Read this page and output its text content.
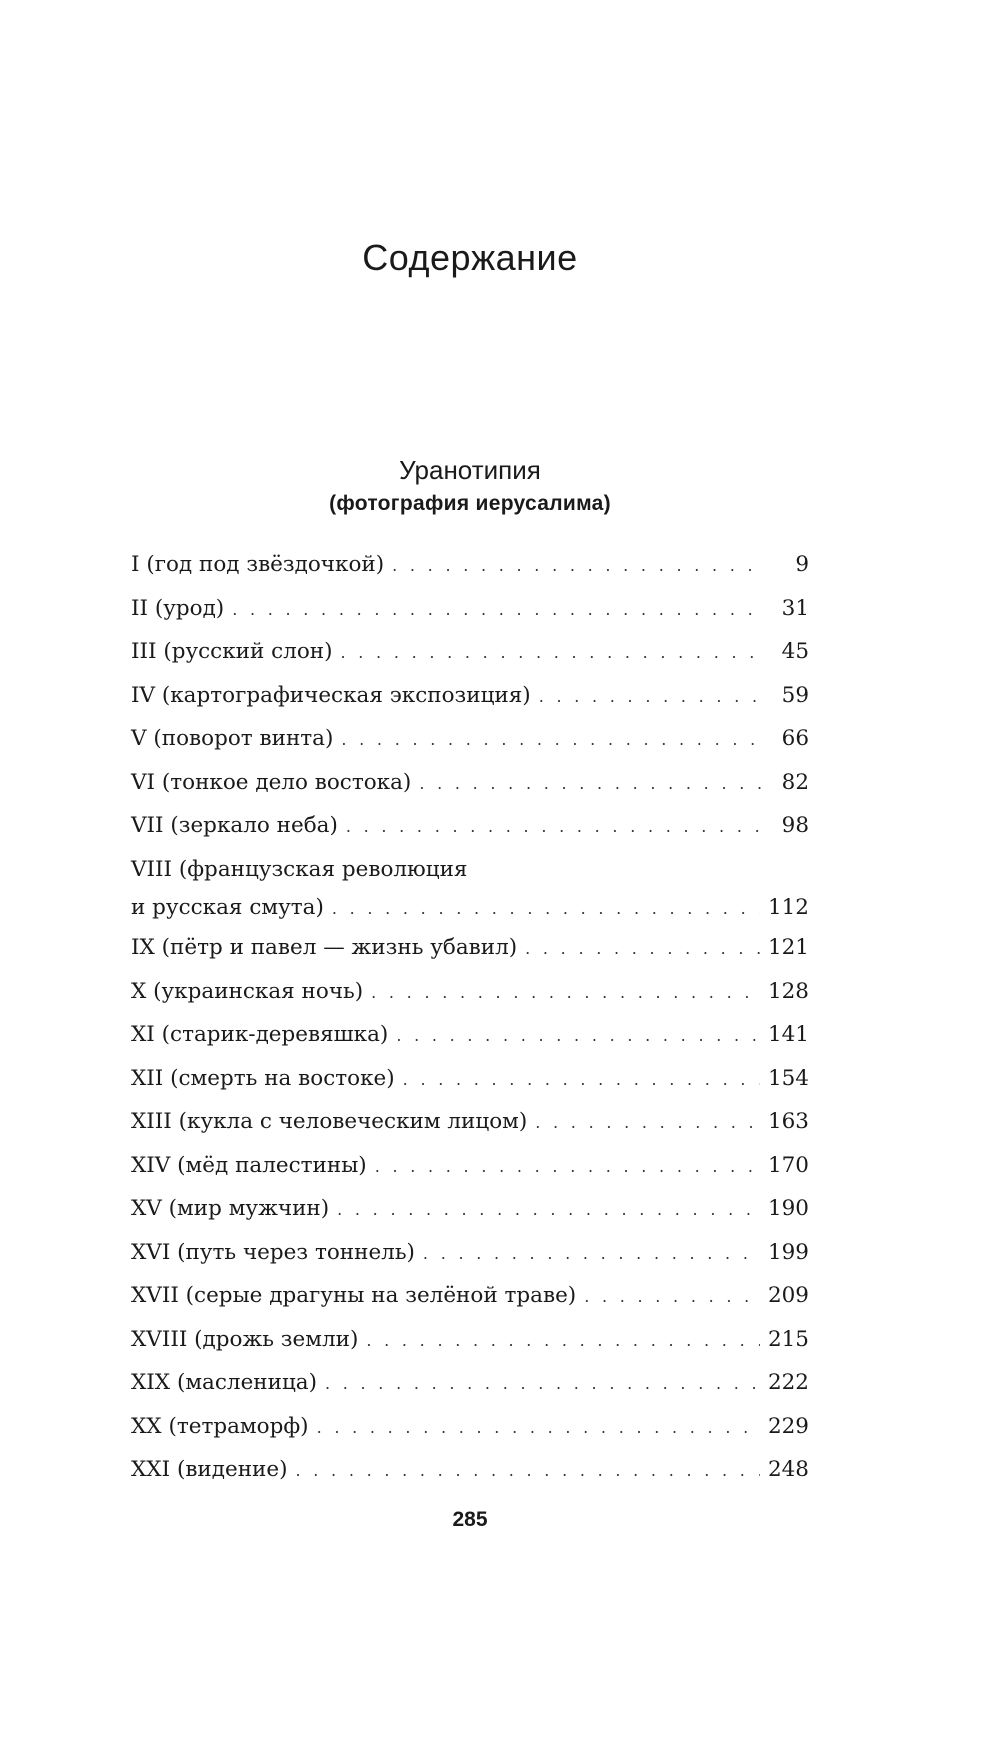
Содержание
Уранотипия
(фотография иерусалима)
I (год под звёздочкой) . . .	9
II (урод) . . .	31
III (русский слон) . . .	45
IV (картографическая экспозиция) . . .	59
V (поворот винта) . . .	66
VI (тонкое дело востока) . . .	82
VII (зеркало неба) . . .	98
VIII (французская революция
и русская смута) . . .	112
IX (пётр и павел — жизнь убавил) . . .	121
X (украинская ночь) . . .	128
XI (старик-деревяшка) . . .	141
XII (смерть на востоке) . . .	154
XIII (кукла с человеческим лицом) . . .	163
XIV (мёд палестины) . . .	170
XV (мир мужчин) . . .	190
XVI (путь через тоннель) . . .	199
XVII (серые драгуны на зелёной траве) . . .	209
XVIII (дрожь земли) . . .	215
XIX (масленица) . . .	222
XX (тетраморф) . . .	229
XXI (видение) . . .	248
285
